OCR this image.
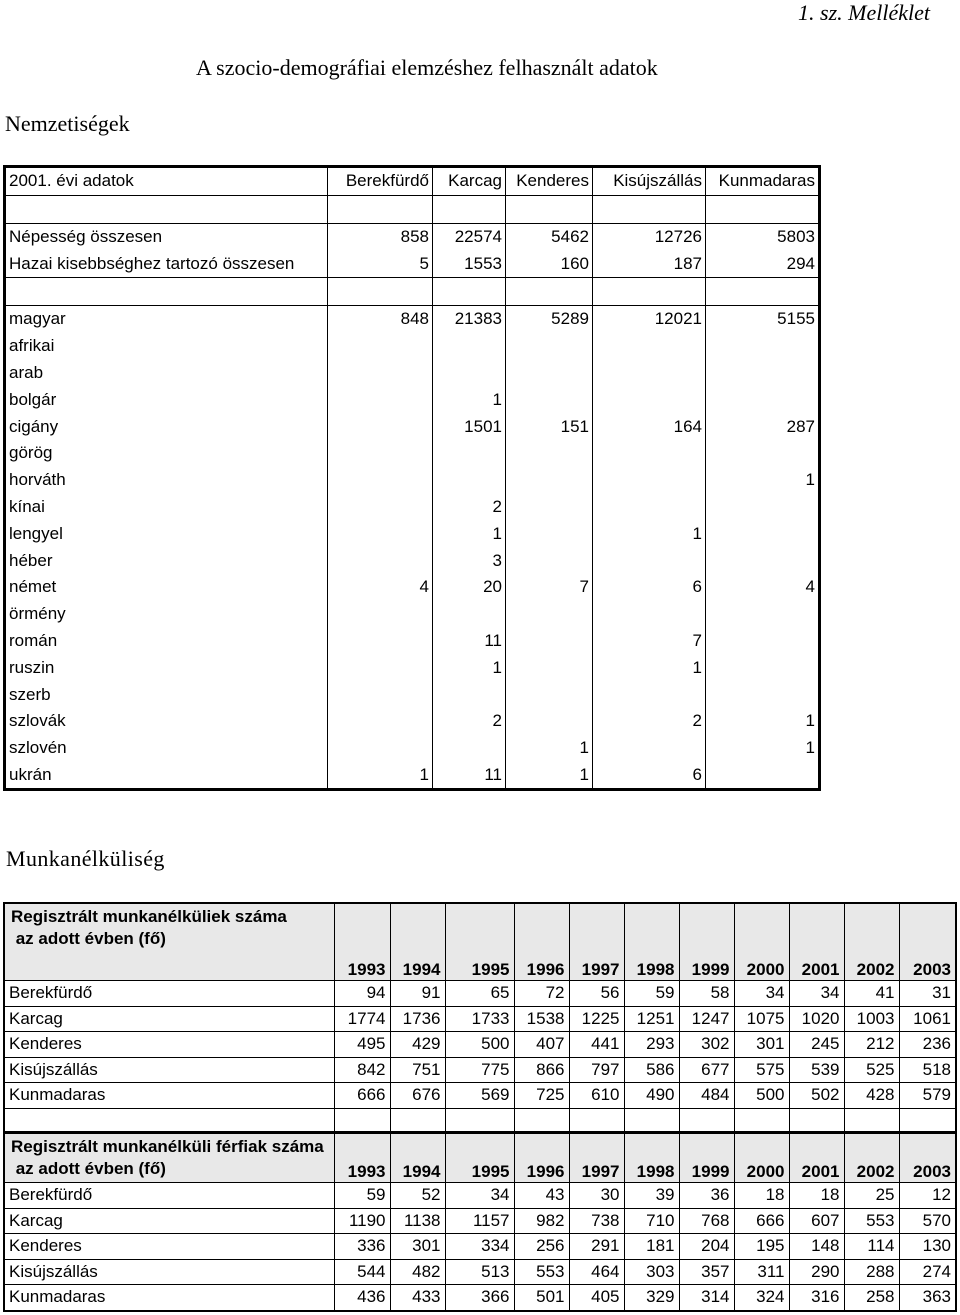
1. sz. Melléklet
A szocio-demográfiai elemzéshez felhasznált adatok
Nemzetiségek
2001. évi adatok	Berekfürdő	Karcag	Kenderes	Kisújszállás	Kunmadaras

Népesség összesen	858	22574	5462	12726	5803
Hazai kisebbséghez tartozó összesen	5	1553	160	187	294

magyar	848	21383	5289	12021	5155
afrikai					
arab					
bolgár		1			
cigány		1501	151	164	287
görög					
horváth					1
kínai		2			
lengyel		1		1	
héber		3			
német	4	20	7	6	4
örmény					
román		11		7	
ruszin		1		1	
szerb					
szlovák		2		2	1
szlovén			1		1
ukrán	1	11	1	6	
Munkanélküliség
Regisztrált munkanélküliek száma
az adott évben (fő)	1993	1994	1995	1996	1997	1998	1999	2000	2001	2002	2003
Berekfürdő	94	91	65	72	56	59	58	34	34	41	31
Karcag	1774	1736	1733	1538	1225	1251	1247	1075	1020	1003	1061
Kenderes	495	429	500	407	441	293	302	301	245	212	236
Kisújszállás	842	751	775	866	797	586	677	575	539	525	518
Kunmadaras	666	676	569	725	610	490	484	500	502	428	579

Regisztrált munkanélküli férfiak száma
az adott évben (fő)	1993	1994	1995	1996	1997	1998	1999	2000	2001	2002	2003
Berekfürdő	59	52	34	43	30	39	36	18	18	25	12
Karcag	1190	1138	1157	982	738	710	768	666	607	553	570
Kenderes	336	301	334	256	291	181	204	195	148	114	130
Kisújszállás	544	482	513	553	464	303	357	311	290	288	274
Kunmadaras	436	433	366	501	405	329	314	324	316	258	363
